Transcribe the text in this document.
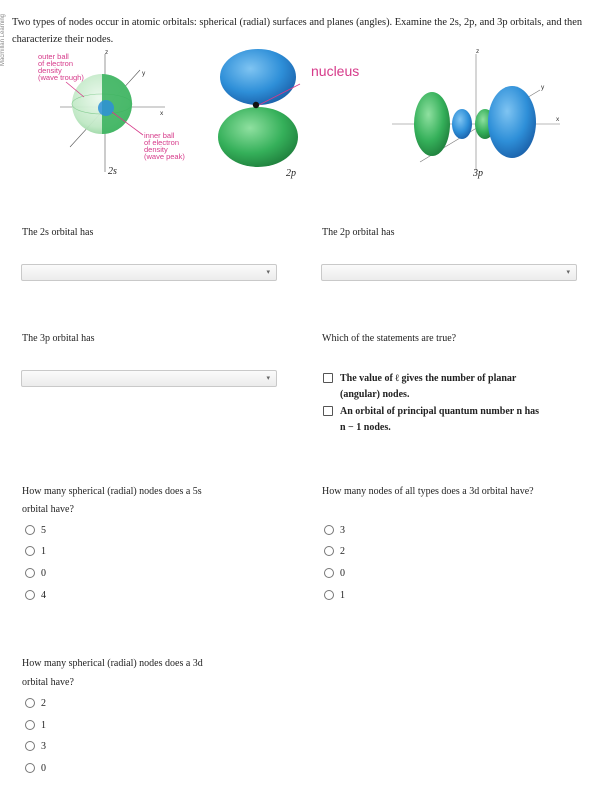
Macmillan Learning Two types of nodes occur in atomic orbitals: spherical (radial) surfaces and planes (angles). Examine the 2s, 2p, and 3p orbitals, and then characterize their nodes.
z
y
x
outer ball of electron density (wave trough)
inner ball of electron density (wave peak)
2s
nucleus
2p
z
y
x
3p
The 2s orbital has
▾
The 2p orbital has
▾
The 3p orbital has
▾
Which of the statements are true?
The value of ℓ gives the number of planar
(angular) nodes.
An orbital of principal quantum number n has
n − 1 nodes.
How many spherical (radial) nodes does a 5s
orbital have?
5
1
0
4
How many nodes of all types does a 3d orbital have?
3
2
0
1
How many spherical (radial) nodes does a 3d
orbital have?
2
1
3
0
